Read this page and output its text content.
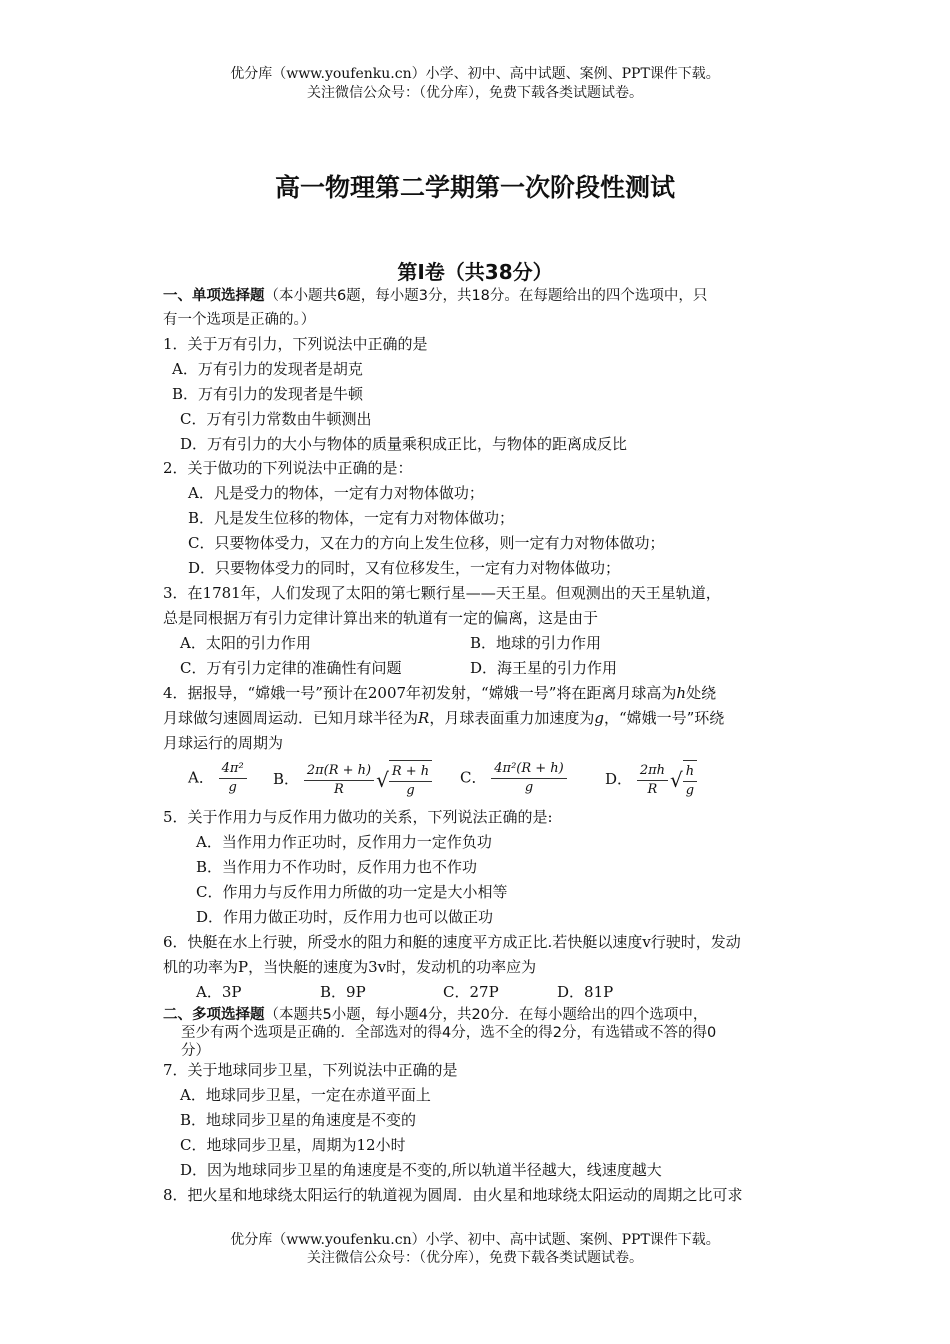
优分库（www.youfenku.cn）小学、初中、高中试题、案例、PPT课件下载。
关注微信公众号：（优分库），免费下载各类试题试卷。
高一物理第二学期第一次阶段性测试
第Ⅰ卷（共38分）
一、单项选择题（本小题共6题，每小题3分，共18分。在每题给出的四个选项中，只
有一个选项是正确的。）
1．关于万有引力，下列说法中正确的是
A．万有引力的发现者是胡克
B．万有引力的发现者是牛顿
C．万有引力常数由牛顿测出
D．万有引力的大小与物体的质量乘积成正比，与物体的距离成反比
2．关于做功的下列说法中正确的是：
A．凡是受力的物体，一定有力对物体做功；
B．凡是发生位移的物体，一定有力对物体做功；
C．只要物体受力，又在力的方向上发生位移，则一定有力对物体做功；
D．只要物体受力的同时，又有位移发生，一定有力对物体做功；
3．在1781年，人们发现了太阳的第七颗行星——天王星。但观测出的天王星轨道，
总是同根据万有引力定律计算出来的轨道有一定的偏离，这是由于
A．太阳的引力作用	B．地球的引力作用
C．万有引力定律的准确性有问题	D．海王星的引力作用
4．据报导，“嫦娥一号”预计在2007年初发射，“嫦娥一号”将在距离月球高为h处绕
月球做匀速圆周运动．已知月球半径为R，月球表面重力加速度为g，“嫦娥一号”环绕
月球运行的周期为
A． $\frac{\text{4π²}}{g}$ B． $\frac{2\pi(R + h)}{R}$ √ $\frac{R + h}{g}$ C． $\frac{\text{4π²(R + h)}}{g}$	D． $\frac{2\pi h}{R}$ √ $\frac{h}{g}$
5．关于作用力与反作用力做功的关系，下列说法正确的是:
A．当作用力作正功时，反作用力一定作负功
B．当作用力不作功时，反作用力也不作功
C．作用力与反作用力所做的功一定是大小相等
D．作用力做正功时，反作用力也可以做正功
6．快艇在水上行驶，所受水的阻力和艇的速度平方成正比.若快艇以速度v行驶时，发动
机的功率为P，当快艇的速度为3v时，发动机的功率应为
A．3P	B．9P	C．27P	D．81P
二、多项选择题（本题共5小题，每小题4分，共20分．在每小题给出的四个选项中，
至少有两个选项是正确的．全部选对的得4分，选不全的得2分，有选错或不答的得0
分）
7．关于地球同步卫星，下列说法中正确的是
A．地球同步卫星，一定在赤道平面上
B．地球同步卫星的角速度是不变的
C．地球同步卫星，周期为12小时
D．因为地球同步卫星的角速度是不变的,所以轨道半径越大，线速度越大
8．把火星和地球绕太阳运行的轨道视为圆周．由火星和地球绕太阳运动的周期之比可求
优分库（www.youfenku.cn）小学、初中、高中试题、案例、PPT课件下载。
关注微信公众号：（优分库），免费下载各类试题试卷。
